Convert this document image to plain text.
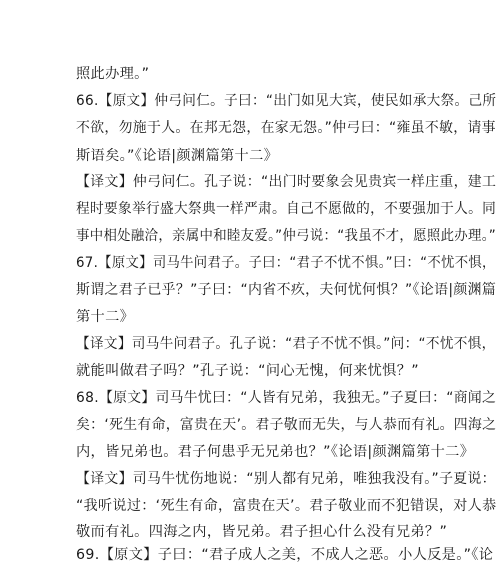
照此办理。”
66.【原文】仲弓问仁。子曰：“出门如见大宾，使民如承大祭。己所
不欲，勿施于人。在邦无怨，在家无怨。”仲弓曰：“雍虽不敏，请事
斯语矣。”《论语|颜渊篇第十二》
【译文】仲弓问仁。孔子说：“出门时要象会见贵宾一样庄重，建工
程时要象举行盛大祭典一样严肃。自己不愿做的，不要强加于人。同
事中相处融洽，亲属中和睦友爱。”仲弓说：“我虽不才，愿照此办理。”
67.【原文】司马牛问君子。子曰：“君子不忧不惧。”曰：“不忧不惧，
斯谓之君子已乎？”子曰：“内省不疚，夫何忧何惧？”《论语|颜渊篇
第十二》
【译文】司马牛问君子。孔子说：“君子不忧不惧。”问：“不忧不惧，
就能叫做君子吗？”孔子说：“问心无愧，何来忧惧？”
68.【原文】司马牛忧曰：“人皆有兄弟，我独无。”子夏曰：“商闻之
矣：‘死生有命，富贵在天’。君子敬而无失，与人恭而有礼。四海之
内，皆兄弟也。君子何患乎无兄弟也？”《论语|颜渊篇第十二》
【译文】司马牛忧伤地说：“别人都有兄弟，唯独我没有。”子夏说：
“我听说过：‘死生有命，富贵在天’。君子敬业而不犯错误，对人恭
敬而有礼。四海之内，皆兄弟。君子担心什么没有兄弟？”
69.【原文】子曰：“君子成人之美，不成人之恶。小人反是。”《论
